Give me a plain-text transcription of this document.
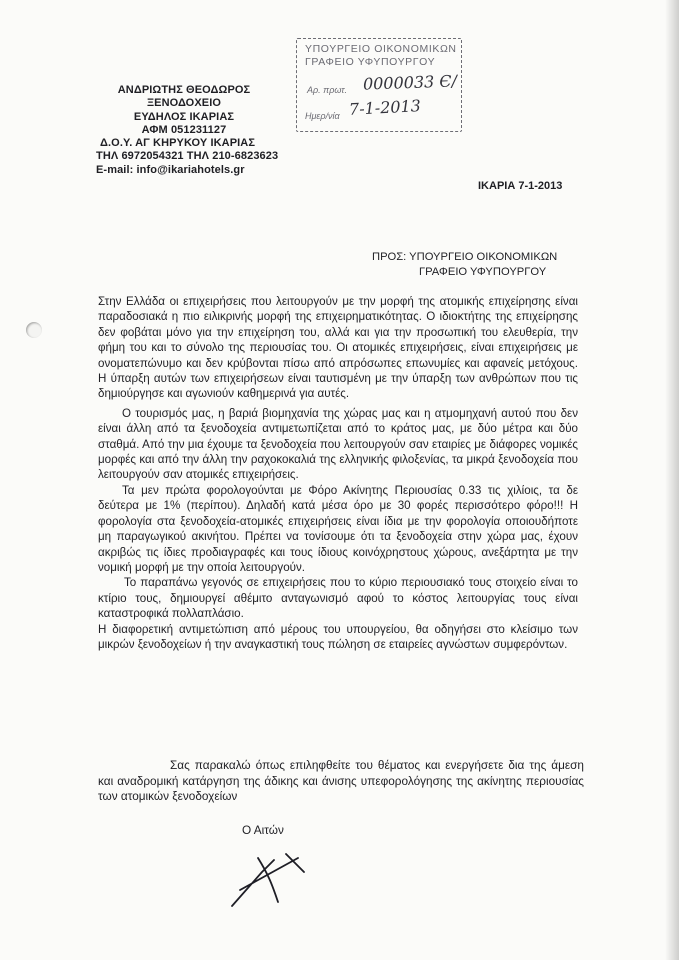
ΑΝΔΡΙΩΤΗΣ ΘΕΟΔΩΡΟΣ
ΞΕΝΟΔΟΧΕΙΟ
ΕΥΔΗΛΟΣ ΙΚΑΡΙΑΣ
ΑΦΜ 051231127
Δ.Ο.Υ. ΑΓ ΚΗΡΥΚΟΥ ΙΚΑΡΙΑΣ
ΤΗΛ 6972054321 ΤΗΛ 210-6823623
E-mail: info@ikariahotels.gr
ΥΠΟΥΡΓΕΙΟ ΟΙΚΟΝΟΜΙΚΩΝ
ΓΡΑΦΕΙΟ ΥΦΥΠΟΥΡΓΟΥ
Αρ. πρωτ. 0000033 Є/
Ημερ/νία 7-1-2013
ΙΚΑΡΙΑ 7-1-2013
ΠΡΟΣ: ΥΠΟΥΡΓΕΙΟ ΟΙΚΟΝΟΜΙΚΩΝ
ΓΡΑΦΕΙΟ ΥΦΥΠΟΥΡΓΟΥ

Στην Ελλάδα οι επιχειρήσεις που λειτουργούν με την μορφή της ατομικής επιχείρησης είναι παραδοσιακά η πιο ειλικρινής μορφή της επιχειρηματικότητας. Ο ιδιοκτήτης της επιχείρησης δεν φοβάται μόνο για την επιχείρηση του, αλλά και για την προσωπική του ελευθερία, την φήμη του και το σύνολο της περιουσίας του. Οι ατομικές επιχειρήσεις, είναι επιχειρήσεις με ονοματεπώνυμο και δεν κρύβονται πίσω από απρόσωπες επωνυμίες και αφανείς μετόχους. Η ύπαρξη αυτών των επιχειρήσεων είναι ταυτισμένη με την ύπαρξη των ανθρώπων που τις δημιούργησε και αγωνιούν καθημερινά για αυτές.

Ο τουρισμός μας, η βαριά βιομηχανία της χώρας μας και η ατμομηχανή αυτού που δεν είναι άλλη από τα ξενοδοχεία αντιμετωπίζεται από το κράτος μας, με δύο μέτρα και δύο σταθμά. Από την μια έχουμε τα ξενοδοχεία που λειτουργούν σαν εταιρίες με διάφορες νομικές μορφές και από την άλλη την ραχοκοκαλιά της ελληνικής φιλοξενίας, τα μικρά ξενοδοχεία που λειτουργούν σαν ατομικές επιχειρήσεις.

Τα μεν πρώτα φορολογούνται με Φόρο Ακίνητης Περιουσίας 0.33 τις χιλίοις, τα δε δεύτερα με 1% (περίπου). Δηλαδή κατά μέσα όρο με 30 φορές περισσότερο φόρο!!! Η φορολογία στα ξενοδοχεία-ατομικές επιχειρήσεις είναι ίδια με την φορολογία οποιουδήποτε μη παραγωγικού ακινήτου. Πρέπει να τονίσουμε ότι τα ξενοδοχεία στην χώρα μας, έχουν ακριβώς τις ίδιες προδιαγραφές και τους ίδιους κοινόχρηστους χώρους, ανεξάρτητα με την νομική μορφή με την οποία λειτουργούν.

Το παραπάνω γεγονός σε επιχειρήσεις που το κύριο περιουσιακό τους στοιχείο είναι το κτίριο τους, δημιουργεί αθέμιτο ανταγωνισμό αφού το κόστος λειτουργίας τους είναι καταστροφικά πολλαπλάσιο.

Η διαφορετική αντιμετώπιση από μέρους του υπουργείου, θα οδηγήσει στο κλείσιμο των μικρών ξενοδοχείων ή την αναγκαστική τους πώληση σε εταιρείες αγνώστων συμφερόντων.

Σας παρακαλώ όπως επιληφθείτε του θέματος και ενεργήσετε δια της άμεση και αναδρομική κατάργηση της άδικης και άνισης υπεφορολόγησης της ακίνητης περιουσίας των ατομικών ξενοδοχείων
Ο Αιτών
